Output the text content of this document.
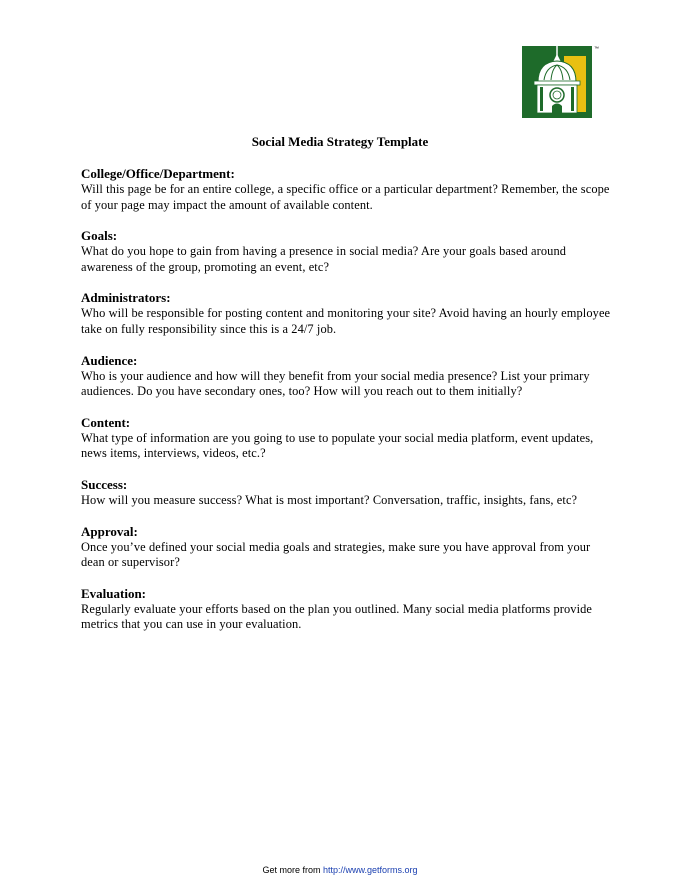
™
Social Media Strategy Template
College/Office/Department:

Will this page be for an entire college, a specific office or a particular department? Remember, the scope of your page may impact the amount of available content.

Goals:

What do you hope to gain from having a presence in social media? Are your goals based around awareness of the group, promoting an event, etc?

Administrators:

Who will be responsible for posting content and monitoring your site? Avoid having an hourly employee take on fully responsibility since this is a 24/7 job.

Audience:

Who is your audience and how will they benefit from your social media presence? List your primary audiences. Do you have secondary ones, too? How will you reach out to them initially?

Content:

What type of information are you going to use to populate your social media platform, event updates, news items, interviews, videos, etc.?

Success:

How will you measure success? What is most important? Conversation, traffic, insights, fans, etc?

Approval:

Once you’ve defined your social media goals and strategies, make sure you have approval from your dean or supervisor?

Evaluation:

Regularly evaluate your efforts based on the plan you outlined. Many social media platforms provide metrics that you can use in your evaluation.

Get more from http://www.getforms.org
